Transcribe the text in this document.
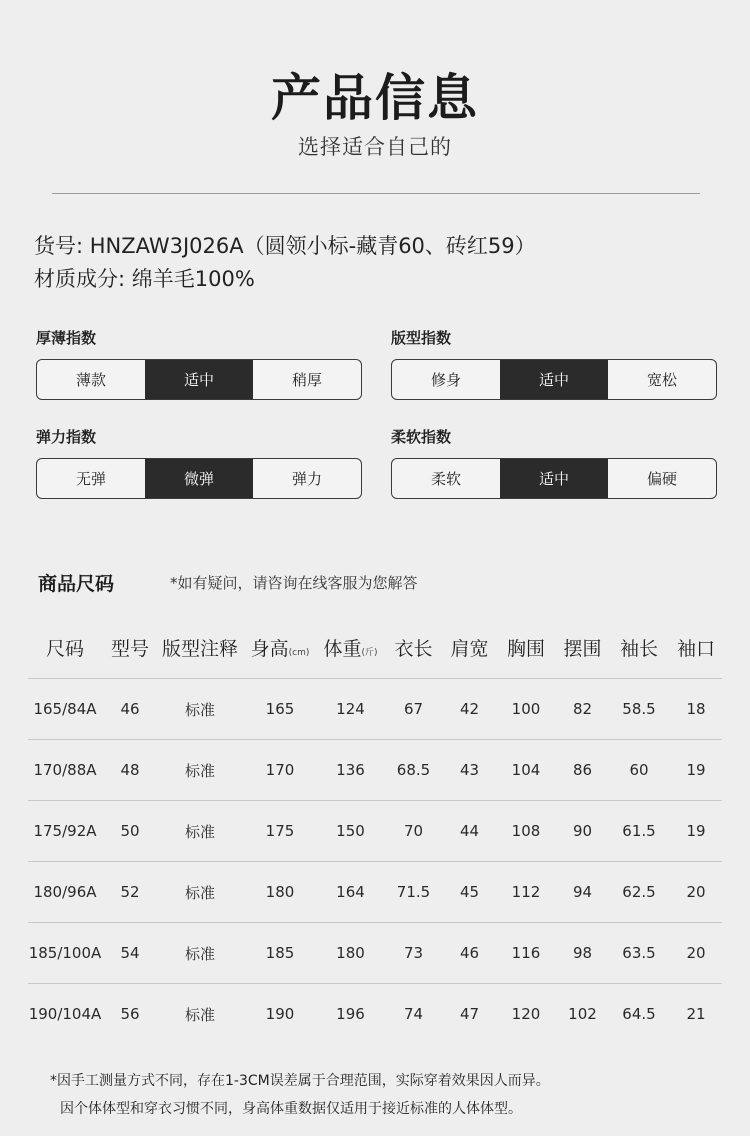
产品信息
选择适合自己的
货号: HNZAW3J026A（圆领小标-藏青60、砖红59）
材质成分: 绵羊毛100%
厚薄指数
薄款	适中	稍厚
版型指数
修身	适中	宽松
弹力指数
无弹	微弹	弹力
柔软指数
柔软	适中	偏硬
商品尺码	*如有疑问，请咨询在线客服为您解答
尺码	型号 版型注释 身高(cm) 体重(斤) 衣长 肩宽 胸围 摆围 袖长 袖口
165/84A	46	标准	165	124	67	42	100	82	58.5	18
170/88A	48	标准	170	136	68.5	43	104	86	60	19
175/92A	50	标准	175	150	70	44	108	90	61.5	19
180/96A	52	标准	180	164	71.5	45	112	94	62.5	20
185/100A	54	标准	185	180	73	46	116	98	63.5	20
190/104A	56	标准	190	196	74	47	120	102	64.5	21
*因手工测量方式不同，存在1-3CM误差属于合理范围，实际穿着效果因人而异。
因个体体型和穿衣习惯不同，身高体重数据仅适用于接近标准的人体体型。
